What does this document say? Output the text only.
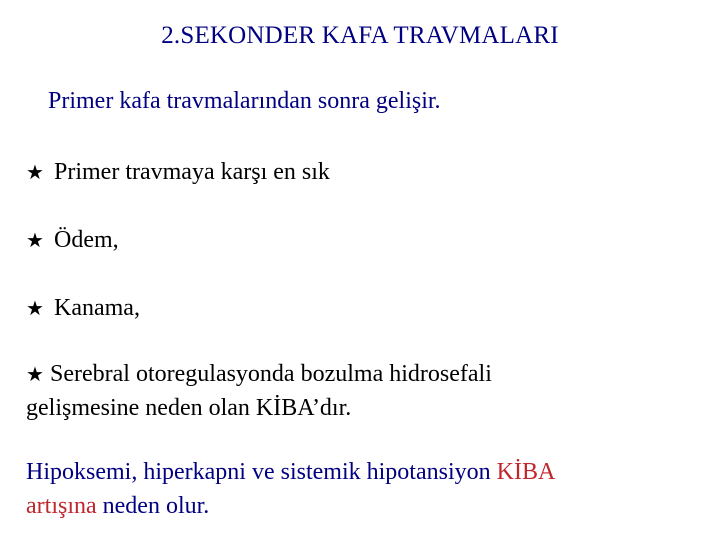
2.SEKONDER KAFA TRAVMALARI
Primer kafa travmalarından sonra gelişir.
★ Primer travmaya karşı en sık
★ Ödem,
★ Kanama,
★ Serebral otoregulasyonda bozulma hidrosefali
gelişmesine neden olan KİBA’dır.
Hipoksemi, hiperkapni ve sistemik hipotansiyon KİBA
artışına neden olur.
